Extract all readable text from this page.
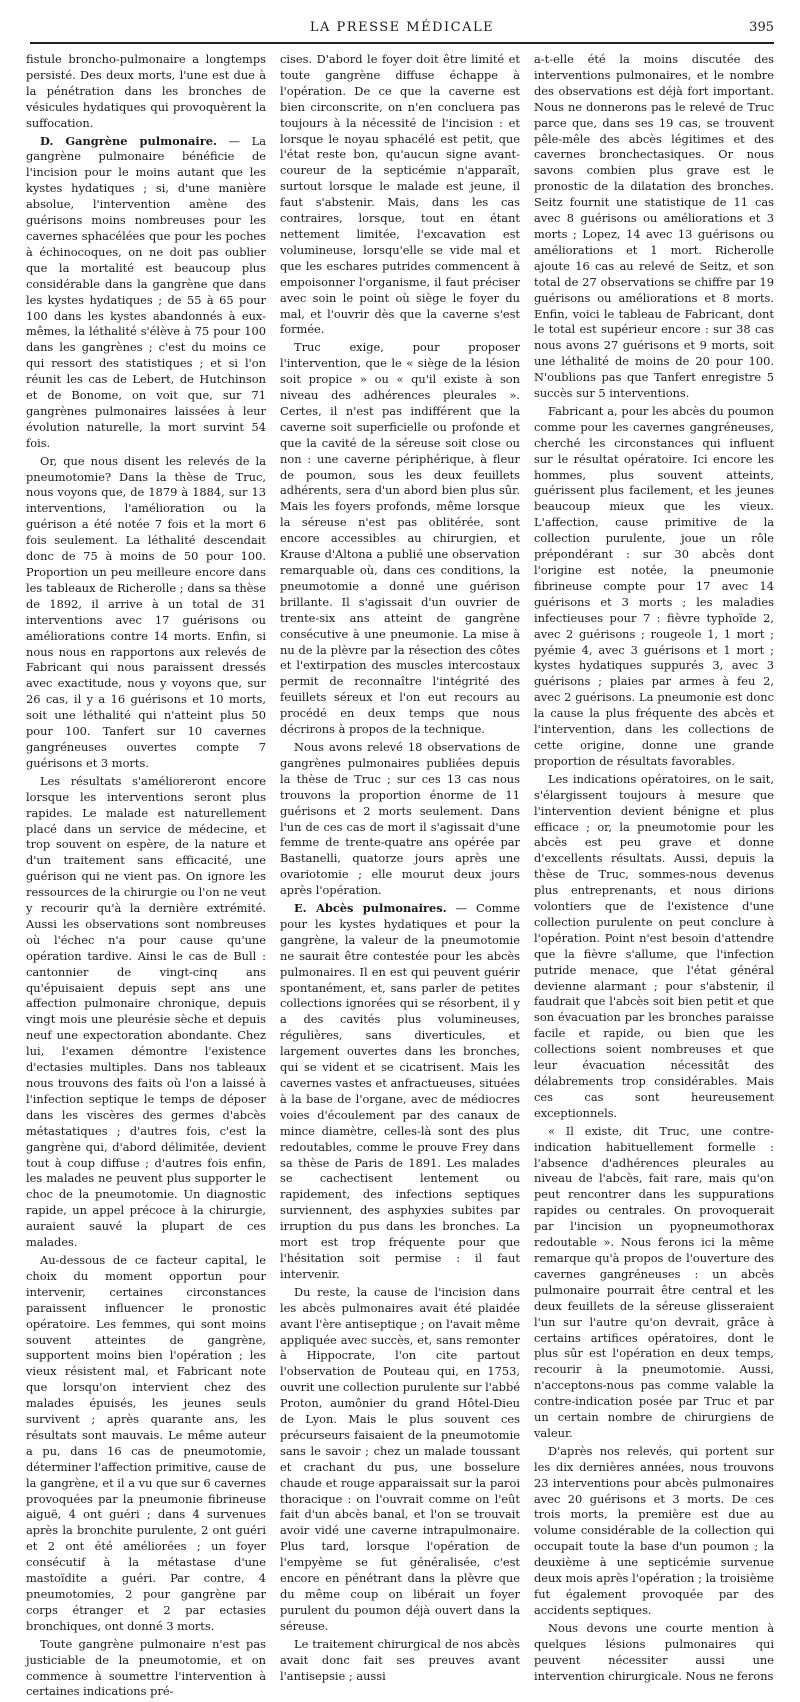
LA PRESSE MÉDICALE	395

fistule broncho-pulmonaire a longtemps persisté. Des deux morts, l'une est due à la pénétration dans les bronches de vésicules hydatiques qui provoquèrent la suffocation.

D. Gangrène pulmonaire. — La gangrène pulmonaire bénéficie de l'incision pour le moins autant que les kystes hydatiques ; si, d'une manière absolue, l'intervention amène des guérisons moins nombreuses pour les cavernes sphacélées que pour les poches à échinocoques, on ne doit pas oublier que la mortalité est beaucoup plus considérable dans la gangrène que dans les kystes hydatiques ; de 55 à 65 pour 100 dans les kystes abandonnés à eux-mêmes, la léthalité s'élève à 75 pour 100 dans les gangrènes ; c'est du moins ce qui ressort des statistiques ; et si l'on réunit les cas de Lebert, de Hutchinson et de Bonome, on voit que, sur 71 gangrènes pulmonaires laissées à leur évolution naturelle, la mort survint 54 fois.

Or, que nous disent les relevés de la pneumotomie? Dans la thèse de Truc, nous voyons que, de 1879 à 1884, sur 13 interventions, l'amélioration ou la guérison a été notée 7 fois et la mort 6 fois seulement. La léthalité descendait donc de 75 à moins de 50 pour 100. Proportion un peu meilleure encore dans les tableaux de Richerolle ; dans sa thèse de 1892, il arrive à un total de 31 interventions avec 17 guérisons ou améliorations contre 14 morts. Enfin, si nous nous en rapportons aux relevés de Fabricant qui nous paraissent dressés avec exactitude, nous y voyons que, sur 26 cas, il y a 16 guérisons et 10 morts, soit une léthalité qui n'atteint plus 50 pour 100. Tanfert sur 10 cavernes gangréneuses ouvertes compte 7 guérisons et 3 morts.

Les résultats s'amélioreront encore lorsque les interventions seront plus rapides. Le malade est naturellement placé dans un service de médecine, et trop souvent on espère, de la nature et d'un traitement sans efficacité, une guérison qui ne vient pas. On ignore les ressources de la chirurgie ou l'on ne veut y recourir qu'à la dernière extrémité. Aussi les observations sont nombreuses où l'échec n'a pour cause qu'une opération tardive. Ainsi le cas de Bull : cantonnier de vingt-cinq ans qu'épuisaient depuis sept ans une affection pulmonaire chronique, depuis vingt mois une pleurésie sèche et depuis neuf une expectoration abondante. Chez lui, l'examen démontre l'existence d'ectasies multiples. Dans nos tableaux nous trouvons des faits où l'on a laissé à l'infection septique le temps de déposer dans les viscères des germes d'abcès métastatiques ; d'autres fois, c'est la gangrène qui, d'abord délimitée, devient tout à coup diffuse ; d'autres fois enfin, les malades ne peuvent plus supporter le choc de la pneumotomie. Un diagnostic rapide, un appel précoce à la chirurgie, auraient sauvé la plupart de ces malades.

Au-dessous de ce facteur capital, le choix du moment opportun pour intervenir, certaines circonstances paraissent influencer le pronostic opératoire. Les femmes, qui sont moins souvent atteintes de gangrène, supportent moins bien l'opération ; les vieux résistent mal, et Fabricant note que lorsqu'on intervient chez des malades épuisés, les jeunes seuls survivent ; après quarante ans, les résultats sont mauvais. Le même auteur a pu, dans 16 cas de pneumotomie, déterminer l'affection primitive, cause de la gangrène, et il a vu que sur 6 cavernes provoquées par la pneumonie fibrineuse aiguë, 4 ont guéri ; dans 4 survenues après la bronchite purulente, 2 ont guéri et 2 ont été améliorées ; un foyer consécutif à la métastase d'une mastoïdite a guéri. Par contre, 4 pneumotomies, 2 pour gangrène par corps étranger et 2 par ectasies bronchiques, ont donné 3 morts.

Toute gangrène pulmonaire n'est pas justiciable de la pneumotomie, et on commence à soumettre l'intervention à certaines indications pré-

cises. D'abord le foyer doit être limité et toute gangrène diffuse échappe à l'opération. De ce que la caverne est bien circonscrite, on n'en concluera pas toujours à la nécessité de l'incision : et lorsque le noyau sphacélé est petit, que l'état reste bon, qu'aucun signe avant-coureur de la septicémie n'apparaît, surtout lorsque le malade est jeune, il faut s'abstenir. Mais, dans les cas contraires, lorsque, tout en étant nettement limitée, l'excavation est volumineuse, lorsqu'elle se vide mal et que les eschares putrides commencent à empoisonner l'organisme, il faut préciser avec soin le point où siège le foyer du mal, et l'ouvrir dès que la caverne s'est formée.

Truc exige, pour proposer l'intervention, que le « siège de la lésion soit propice » ou « qu'il existe à son niveau des adhérences pleurales ». Certes, il n'est pas indifférent que la caverne soit superficielle ou profonde et que la cavité de la séreuse soit close ou non : une caverne périphérique, à fleur de poumon, sous les deux feuillets adhérents, sera d'un abord bien plus sûr. Mais les foyers profonds, même lorsque la séreuse n'est pas oblitérée, sont encore accessibles au chirurgien, et Krause d'Altona a publié une observation remarquable où, dans ces conditions, la pneumotomie a donné une guérison brillante. Il s'agissait d'un ouvrier de trente-six ans atteint de gangrène consécutive à une pneumonie. La mise à nu de la plèvre par la résection des côtes et l'extirpation des muscles intercostaux permit de reconnaître l'intégrité des feuillets séreux et l'on eut recours au procédé en deux temps que nous décrirons à propos de la technique.

Nous avons relevé 18 observations de gangrènes pulmonaires publiées depuis la thèse de Truc ; sur ces 13 cas nous trouvons la proportion énorme de 11 guérisons et 2 morts seulement. Dans l'un de ces cas de mort il s'agissait d'une femme de trente-quatre ans opérée par Bastanelli, quatorze jours après une ovariotomie ; elle mourut deux jours après l'opération.

E. Abcès pulmonaires. — Comme pour les kystes hydatiques et pour la gangrène, la valeur de la pneumotomie ne saurait être contestée pour les abcès pulmonaires. Il en est qui peuvent guérir spontanément, et, sans parler de petites collections ignorées qui se résorbent, il y a des cavités plus volumineuses, régulières, sans diverticules, et largement ouvertes dans les bronches, qui se vident et se cicatrisent. Mais les cavernes vastes et anfractueuses, situées à la base de l'organe, avec de médiocres voies d'écoulement par des canaux de mince diamètre, celles-là sont des plus redoutables, comme le prouve Frey dans sa thèse de Paris de 1891. Les malades se cachectisent lentement ou rapidement, des infections septiques surviennent, des asphyxies subites par irruption du pus dans les bronches. La mort est trop fréquente pour que l'hésitation soit permise : il faut intervenir.

Du reste, la cause de l'incision dans les abcès pulmonaires avait été plaidée avant l'ère antiseptique ; on l'avait même appliquée avec succès, et, sans remonter à Hippocrate, l'on cite partout l'observation de Pouteau qui, en 1753, ouvrit une collection purulente sur l'abbé Proton, aumônier du grand Hôtel-Dieu de Lyon. Mais le plus souvent ces précurseurs faisaient de la pneumotomie sans le savoir ; chez un malade toussant et crachant du pus, une bosselure chaude et rouge apparaissait sur la paroi thoracique : on l'ouvrait comme on l'eût fait d'un abcès banal, et l'on se trouvait avoir vidé une caverne intrapulmonaire. Plus tard, lorsque l'opération de l'empyème se fut généralisée, c'est encore en pénétrant dans la plèvre que du même coup on libérait un foyer purulent du poumon déjà ouvert dans la séreuse.

Le traitement chirurgical de nos abcès avait donc fait ses preuves avant l'antisepsie ; aussi

a-t-elle été la moins discutée des interventions pulmonaires, et le nombre des observations est déjà fort important. Nous ne donnerons pas le relevé de Truc parce que, dans ses 19 cas, se trouvent pêle-mêle des abcès légitimes et des cavernes bronchectasiques. Or nous savons combien plus grave est le pronostic de la dilatation des bronches. Seitz fournit une statistique de 11 cas avec 8 guérisons ou améliorations et 3 morts ; Lopez, 14 avec 13 guérisons ou améliorations et 1 mort. Richerolle ajoute 16 cas au relevé de Seitz, et son total de 27 observations se chiffre par 19 guérisons ou améliorations et 8 morts. Enfin, voici le tableau de Fabricant, dont le total est supérieur encore : sur 38 cas nous avons 27 guérisons et 9 morts, soit une léthalité de moins de 20 pour 100. N'oublions pas que Tanfert enregistre 5 succès sur 5 interventions.

Fabricant a, pour les abcès du poumon comme pour les cavernes gangréneuses, cherché les circonstances qui influent sur le résultat opératoire. Ici encore les hommes, plus souvent atteints, guérissent plus facilement, et les jeunes beaucoup mieux que les vieux. L'affection, cause primitive de la collection purulente, joue un rôle prépondérant : sur 30 abcès dont l'origine est notée, la pneumonie fibrineuse compte pour 17 avec 14 guérisons et 3 morts ; les maladies infectieuses pour 7 : fièvre typhoïde 2, avec 2 guérisons ; rougeole 1, 1 mort ; pyémie 4, avec 3 guérisons et 1 mort ; kystes hydatiques suppurés 3, avec 3 guérisons ; plaies par armes à feu 2, avec 2 guérisons. La pneumonie est donc la cause la plus fréquente des abcès et l'intervention, dans les collections de cette origine, donne une grande proportion de résultats favorables.

Les indications opératoires, on le sait, s'élargissent toujours à mesure que l'intervention devient bénigne et plus efficace ; or, la pneumotomie pour les abcès est peu grave et donne d'excellents résultats. Aussi, depuis la thèse de Truc, sommes-nous devenus plus entreprenants, et nous dirions volontiers que de l'existence d'une collection purulente on peut conclure à l'opération. Point n'est besoin d'attendre que la fièvre s'allume, que l'infection putride menace, que l'état général devienne alarmant ; pour s'abstenir, il faudrait que l'abcès soit bien petit et que son évacuation par les bronches paraisse facile et rapide, ou bien que les collections soient nombreuses et que leur évacuation nécessitât des délabrements trop considérables. Mais ces cas sont heureusement exceptionnels.

« Il existe, dit Truc, une contre-indication habituellement formelle : l'absence d'adhérences pleurales au niveau de l'abcès, fait rare, mais qu'on peut rencontrer dans les suppurations rapides ou centrales. On provoquerait par l'incision un pyopneumothorax redoutable ». Nous ferons ici la même remarque qu'à propos de l'ouverture des cavernes gangréneuses : un abcès pulmonaire pourrait être central et les deux feuillets de la séreuse glisseraient l'un sur l'autre qu'on devrait, grâce à certains artifices opératoires, dont le plus sûr est l'opération en deux temps, recourir à la pneumotomie. Aussi, n'acceptons-nous pas comme valable la contre-indication posée par Truc et par un certain nombre de chirurgiens de valeur.

D'après nos relevés, qui portent sur les dix dernières années, nous trouvons 23 interventions pour abcès pulmonaires avec 20 guérisons et 3 morts. De ces trois morts, la première est due au volume considérable de la collection qui occupait toute la base d'un poumon ; la deuxième à une septicémie survenue deux mois après l'opération ; la troisième fut également provoquée par des accidents septiques.

Nous devons une courte mention à quelques lésions pulmonaires qui peuvent nécessiter aussi une intervention chirurgicale. Nous ne ferons
